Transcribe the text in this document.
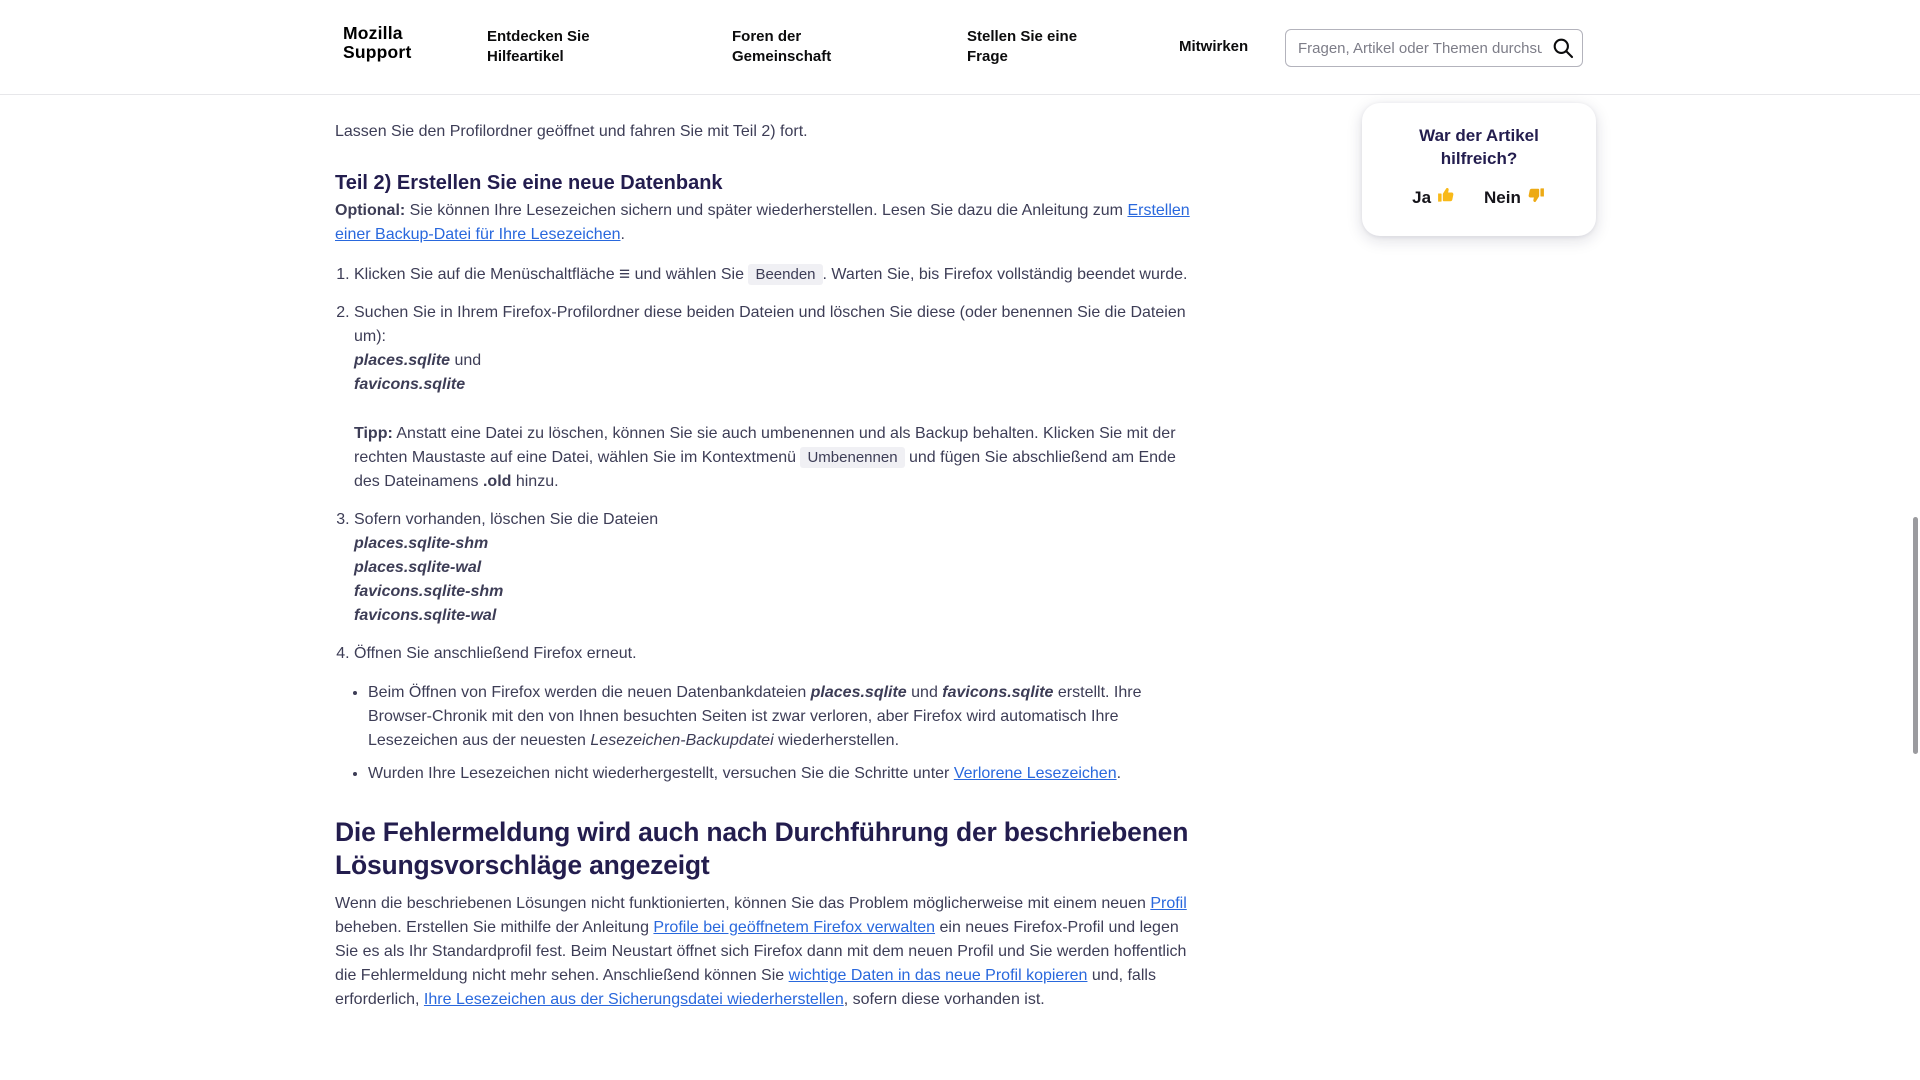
Mozilla
Support
Entdecken Sie Hilfeartikel
Foren der Gemeinschaft
Stellen Sie eine Frage
Mitwirken
Fragen, Artikel oder Themen durchsuchen

Lassen Sie den Profilordner geöffnet und fahren Sie mit Teil 2) fort.

Teil 2) Erstellen Sie eine neue Datenbank

Optional: Sie können Ihre Lesezeichen sichern und später wiederherstellen. Lesen Sie dazu die Anleitung zum Erstellen einer Backup-Datei für Ihre Lesezeichen.

1. Klicken Sie auf die Menüschaltfläche ≡ und wählen Sie Beenden . Warten Sie, bis Firefox vollständig beendet wurde.
2. Suchen Sie in Ihrem Firefox-Profilordner diese beiden Dateien und löschen Sie diese (oder benennen Sie die Dateien um):
places.sqlite und
favicons.sqlite
Tipp: Anstatt eine Datei zu löschen, können Sie sie auch umbenennen und als Backup behalten. Klicken Sie mit der rechten Maustaste auf eine Datei, wählen Sie im Kontextmenü Umbenennen und fügen Sie abschließend am Ende des Dateinamens .old hinzu.
3. Sofern vorhanden, löschen Sie die Dateien
places.sqlite-shm
places.sqlite-wal
favicons.sqlite-shm
favicons.sqlite-wal
4. Öffnen Sie anschließend Firefox erneut.
• Beim Öffnen von Firefox werden die neuen Datenbankdateien places.sqlite und favicons.sqlite erstellt. Ihre Browser-Chronik mit den von Ihnen besuchten Seiten ist zwar verloren, aber Firefox wird automatisch Ihre Lesezeichen aus der neuesten Lesezeichen-Backupdatei wiederherstellen.
• Wurden Ihre Lesezeichen nicht wiederhergestellt, versuchen Sie die Schritte unter Verlorene Lesezeichen.
Die Fehlermeldung wird auch nach Durchführung der beschriebenen Lösungsvorschläge angezeigt

Wenn die beschriebenen Lösungen nicht funktionierten, können Sie das Problem möglicherweise mit einem neuen Profil beheben. Erstellen Sie mithilfe der Anleitung Profile bei geöffnetem Firefox verwalten ein neues Firefox-Profil und legen Sie es als Ihr Standardprofil fest. Beim Neustart öffnet sich Firefox dann mit dem neuen Profil und Sie werden hoffentlich die Fehlermeldung nicht mehr sehen. Anschließend können Sie wichtige Daten in das neue Profil kopieren und, falls erforderlich, Ihre Lesezeichen aus der Sicherungsdatei wiederherstellen, sofern diese vorhanden ist.

War der Artikel hilfreich?
Ja	Nein
